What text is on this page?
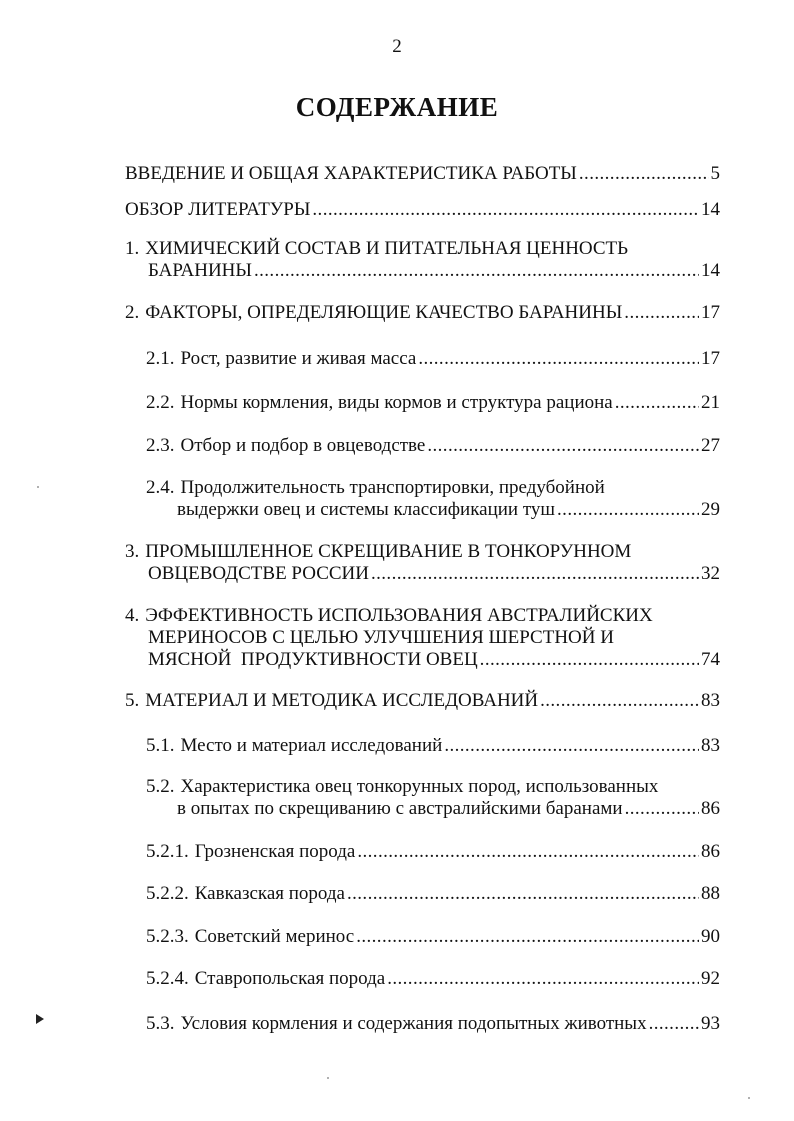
2
СОДЕРЖАНИЕ
ВВЕДЕНИЕ И ОБЩАЯ ХАРАКТЕРИСТИКА РАБОТЫ .....	5
ОБЗОР ЛИТЕРАТУРЫ .....	14
1. ХИМИЧЕСКИЙ СОСТАВ И ПИТАТЕЛЬНАЯ ЦЕННОСТЬ
БАРАНИНЫ .....	14
2. ФАКТОРЫ, ОПРЕДЕЛЯЮЩИЕ КАЧЕСТВО БАРАНИНЫ .....	17
2.1. Рост, развитие и живая масса .....	17
2.2. Нормы кормления, виды кормов и структура рациона .....	21
2.3. Отбор и подбор в овцеводстве .....	27
2.4. Продолжительность транспортировки, предубойной
выдержки овец и системы классификации туш .....	29
3. ПРОМЫШЛЕННОЕ СКРЕЩИВАНИЕ В ТОНКОРУННОМ
ОВЦЕВОДСТВЕ РОССИИ .....	32
4. ЭФФЕКТИВНОСТЬ ИСПОЛЬЗОВАНИЯ АВСТРАЛИЙСКИХ
МЕРИНОСОВ С ЦЕЛЬЮ УЛУЧШЕНИЯ ШЕРСТНОЙ И
МЯСНОЙ  ПРОДУКТИВНОСТИ ОВЕЦ .....	74
5. МАТЕРИАЛ И МЕТОДИКА ИССЛЕДОВАНИЙ .....	83
5.1. Место и материал исследований .....	83
5.2. Характеристика овец тонкорунных пород, использованных
в опытах по скрещиванию с австралийскими баранами .....	86
5.2.1. Грозненская порода .....	86
5.2.2. Кавказская порода .....	88
5.2.3. Советский меринос .....	90
5.2.4. Ставропольская порода .....	92
5.3. Условия кормления и содержания подопытных животных .....	93
